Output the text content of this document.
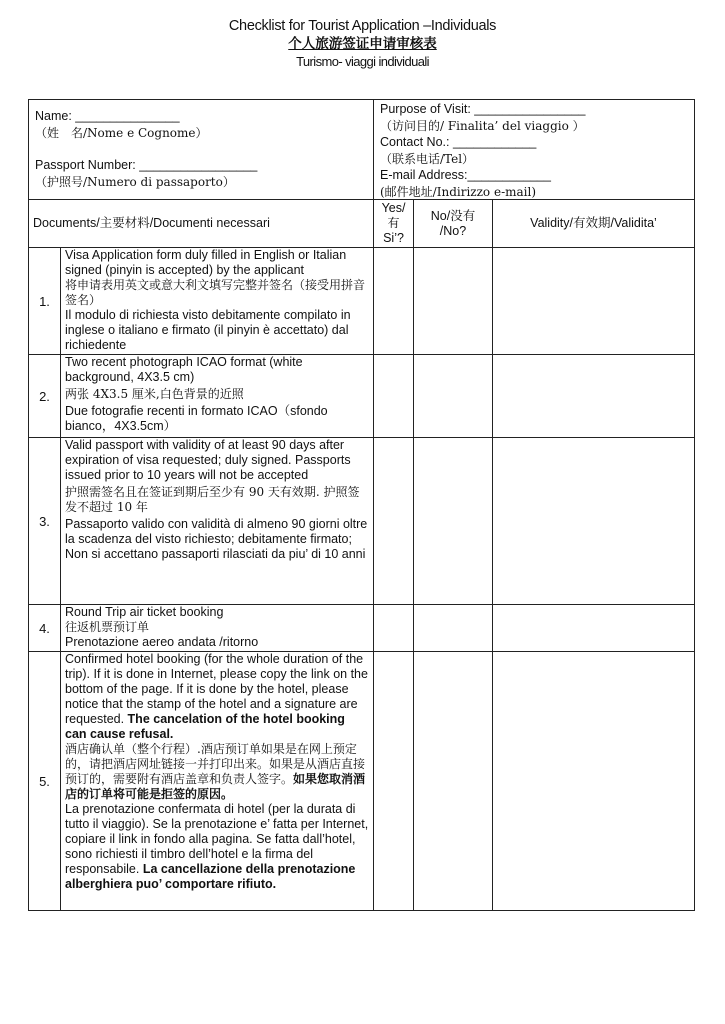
Checklist for Tourist Application –Individuals
个人旅游签证申请审核表
Turismo- viaggi individuali
Name: _______________
（姓　名/Nome e Cognome）
Passport Number: _________________
（护照号/Numero di passaporto）
Purpose of Visit: ________________
（访问目的/ Finalita’ del viaggio ）
Contact No.: ____________
（联系电话/Tel）
E-mail Address:____________
(邮件地址/Indirizzo e-mail)
Documents/主要材料/Documenti necessari
Yes/
有
Si’?
No/没有
/No?
Validity/有效期/Validita’
1.

Visa Application form duly filled in English or Italian signed (pinyin is accepted) by the applicant

将申请表用英文或意大利文填写完整并签名（接受用拼音签名）

Il modulo di richiesta visto debitamente compilato in inglese o italiano e firmato (il pinyin è accettato) dal richiedente

2.

Two recent photograph ICAO format (white background, 4X3.5 cm)

两张 4X3.5 厘米,白色背景的近照

Due fotografie recenti in formato ICAO（sfondo bianco，4X3.5cm）

3.

Valid passport with validity of at least 90 days after expiration of visa requested; duly signed. Passports issued prior to 10 years will not be accepted

护照需签名且在签证到期后至少有 90 天有效期. 护照签发不超过 10 年

Passaporto valido con validità di almeno 90 giorni oltre la scadenza del visto richiesto; debitamente firmato; Non si accettano passaporti rilasciati da piu’ di 10 anni

4.

Round Trip air ticket booking

往返机票预订单

Prenotazione aereo andata /ritorno

5.

Confirmed hotel booking (for the whole duration of the trip). If it is done in Internet, please copy the link on the bottom of the page. If it is done by the hotel, please notice that the stamp of the hotel and a signature are requested. The cancelation of the hotel booking can cause refusal.

酒店确认单（整个行程）.酒店预订单如果是在网上预定的，请把酒店网址链接一并打印出来。如果是从酒店直接预订的，需要附有酒店盖章和负责人签字。如果您取消酒店的订单将可能是拒签的原因。

La prenotazione confermata di hotel (per la durata di tutto il viaggio). Se la prenotazione e’ fatta per Internet, copiare il link in fondo alla pagina. Se fatta dall’hotel, sono richiesti il timbro dell’hotel e la firma del responsabile. La cancellazione della prenotazione alberghiera puo’ comportare rifiuto.
